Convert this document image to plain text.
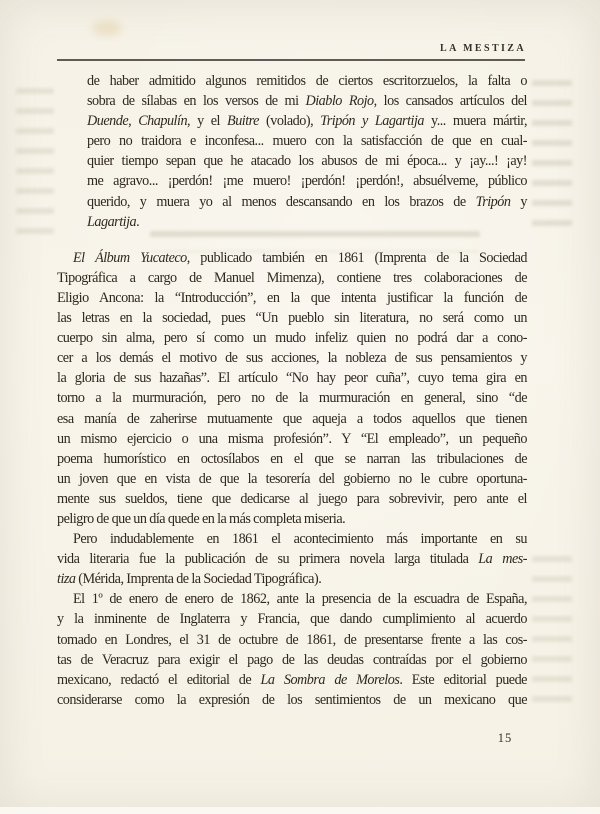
LA MESTIZA
de haber admitido algunos remitidos de ciertos escritorzuelos, la falta o
sobra de sílabas en los versos de mi Diablo Rojo, los cansados artículos del
Duende, Chapulín, y el Buitre (volado), Tripón y Lagartija y... muera mártir,
pero no traidora e inconfesa... muero con la satisfacción de que en cual-
quier tiempo sepan que he atacado los abusos de mi época... y ¡ay...! ¡ay!
me agravo... ¡perdón! ¡me muero! ¡perdón! ¡perdón!, absuélveme, público
querido, y muera yo al menos descansando en los brazos de Tripón y
Lagartija.
El Álbum Yucateco, publicado también en 1861 (Imprenta de la Sociedad
Tipográfica a cargo de Manuel Mimenza), contiene tres colaboraciones de
Eligio Ancona: la “Introducción”, en la que intenta justificar la función de
las letras en la sociedad, pues “Un pueblo sin literatura, no será como un
cuerpo sin alma, pero sí como un mudo infeliz quien no podrá dar a cono-
cer a los demás el motivo de sus acciones, la nobleza de sus pensamientos y
la gloria de sus hazañas”. El artículo “No hay peor cuña”, cuyo tema gira en
torno a la murmuración, pero no de la murmuración en general, sino “de
esa manía de zaherirse mutuamente que aqueja a todos aquellos que tienen
un mismo ejercicio o una misma profesión”. Y “El empleado”, un pequeño
poema humorístico en octosílabos en el que se narran las tribulaciones de
un joven que en vista de que la tesorería del gobierno no le cubre oportuna-
mente sus sueldos, tiene que dedicarse al juego para sobrevivir, pero ante el
peligro de que un día quede en la más completa miseria.
Pero indudablemente en 1861 el acontecimiento más importante en su
vida literaria fue la publicación de su primera novela larga titulada La mes-
tiza (Mérida, Imprenta de la Sociedad Tipográfica).
El 1º de enero de enero de 1862, ante la presencia de la escuadra de España,
y la inminente de Inglaterra y Francia, que dando cumplimiento al acuerdo
tomado en Londres, el 31 de octubre de 1861, de presentarse frente a las cos-
tas de Veracruz para exigir el pago de las deudas contraídas por el gobierno
mexicano, redactó el editorial de La Sombra de Morelos. Este editorial puede
considerarse como la expresión de los sentimientos de un mexicano que
15
